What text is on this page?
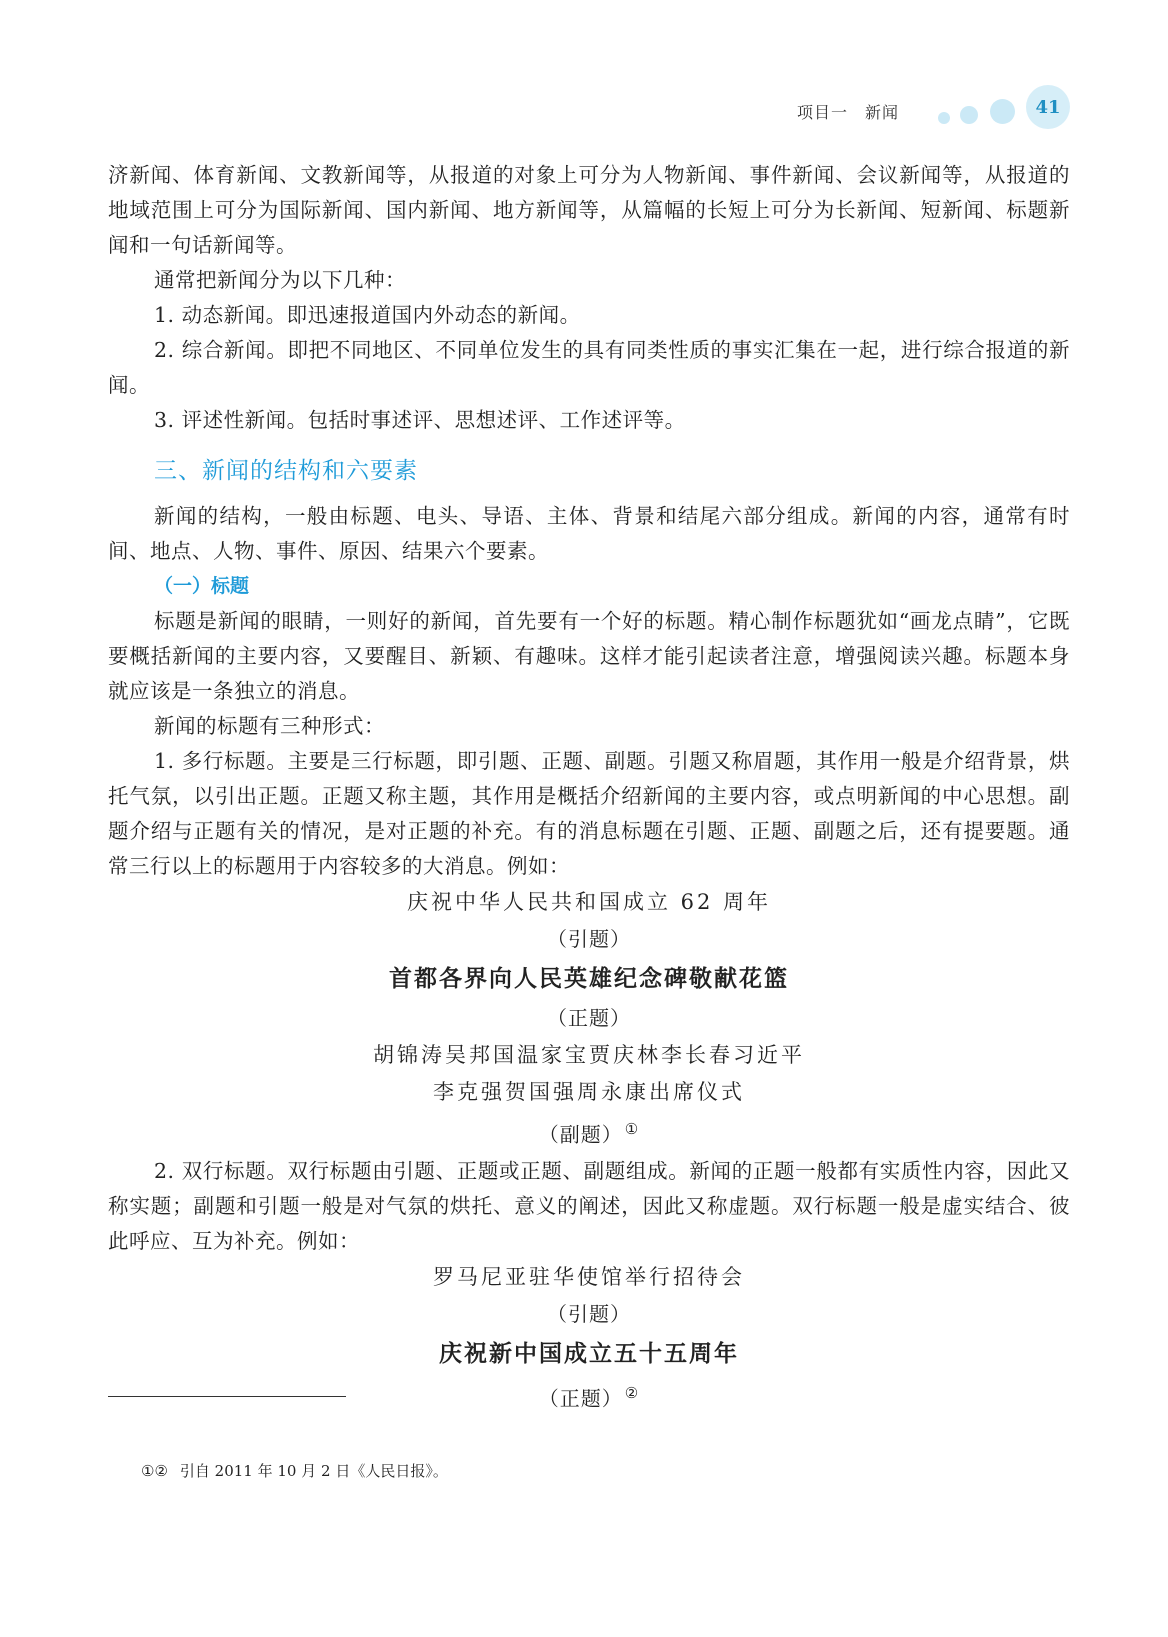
项目一　新闻	41

济新闻、体育新闻、文教新闻等，从报道的对象上可分为人物新闻、事件新闻、会议新闻等，从报道的地域范围上可分为国际新闻、国内新闻、地方新闻等，从篇幅的长短上可分为长新闻、短新闻、标题新闻和一句话新闻等。

通常把新闻分为以下几种：

1. 动态新闻。即迅速报道国内外动态的新闻。

2. 综合新闻。即把不同地区、不同单位发生的具有同类性质的事实汇集在一起，进行综合报道的新闻。

3. 评述性新闻。包括时事述评、思想述评、工作述评等。

三、新闻的结构和六要素

新闻的结构，一般由标题、电头、导语、主体、背景和结尾六部分组成。新闻的内容，通常有时间、地点、人物、事件、原因、结果六个要素。

（一）标题

标题是新闻的眼睛，一则好的新闻，首先要有一个好的标题。精心制作标题犹如“画龙点睛”，它既要概括新闻的主要内容，又要醒目、新颖、有趣味。这样才能引起读者注意，增强阅读兴趣。标题本身就应该是一条独立的消息。

新闻的标题有三种形式：

1. 多行标题。主要是三行标题，即引题、正题、副题。引题又称眉题，其作用一般是介绍背景，烘托气氛，以引出正题。正题又称主题，其作用是概括介绍新闻的主要内容，或点明新闻的中心思想。副题介绍与正题有关的情况，是对正题的补充。有的消息标题在引题、正题、副题之后，还有提要题。通常三行以上的标题用于内容较多的大消息。例如：

庆祝中华人民共和国成立 62 周年

（引题）

首都各界向人民英雄纪念碑敬献花篮

（正题）

胡锦涛吴邦国温家宝贾庆林李长春习近平

李克强贺国强周永康出席仪式

（副题） ①

2. 双行标题。双行标题由引题、正题或正题、副题组成。新闻的正题一般都有实质性内容，因此又称实题；副题和引题一般是对气氛的烘托、意义的阐述，因此又称虚题。双行标题一般是虚实结合、彼此呼应、互为补充。例如：

罗马尼亚驻华使馆举行招待会

（引题）

庆祝新中国成立五十五周年

（正题） ②

①② 引自 2011 年 10 月 2 日《人民日报》。
